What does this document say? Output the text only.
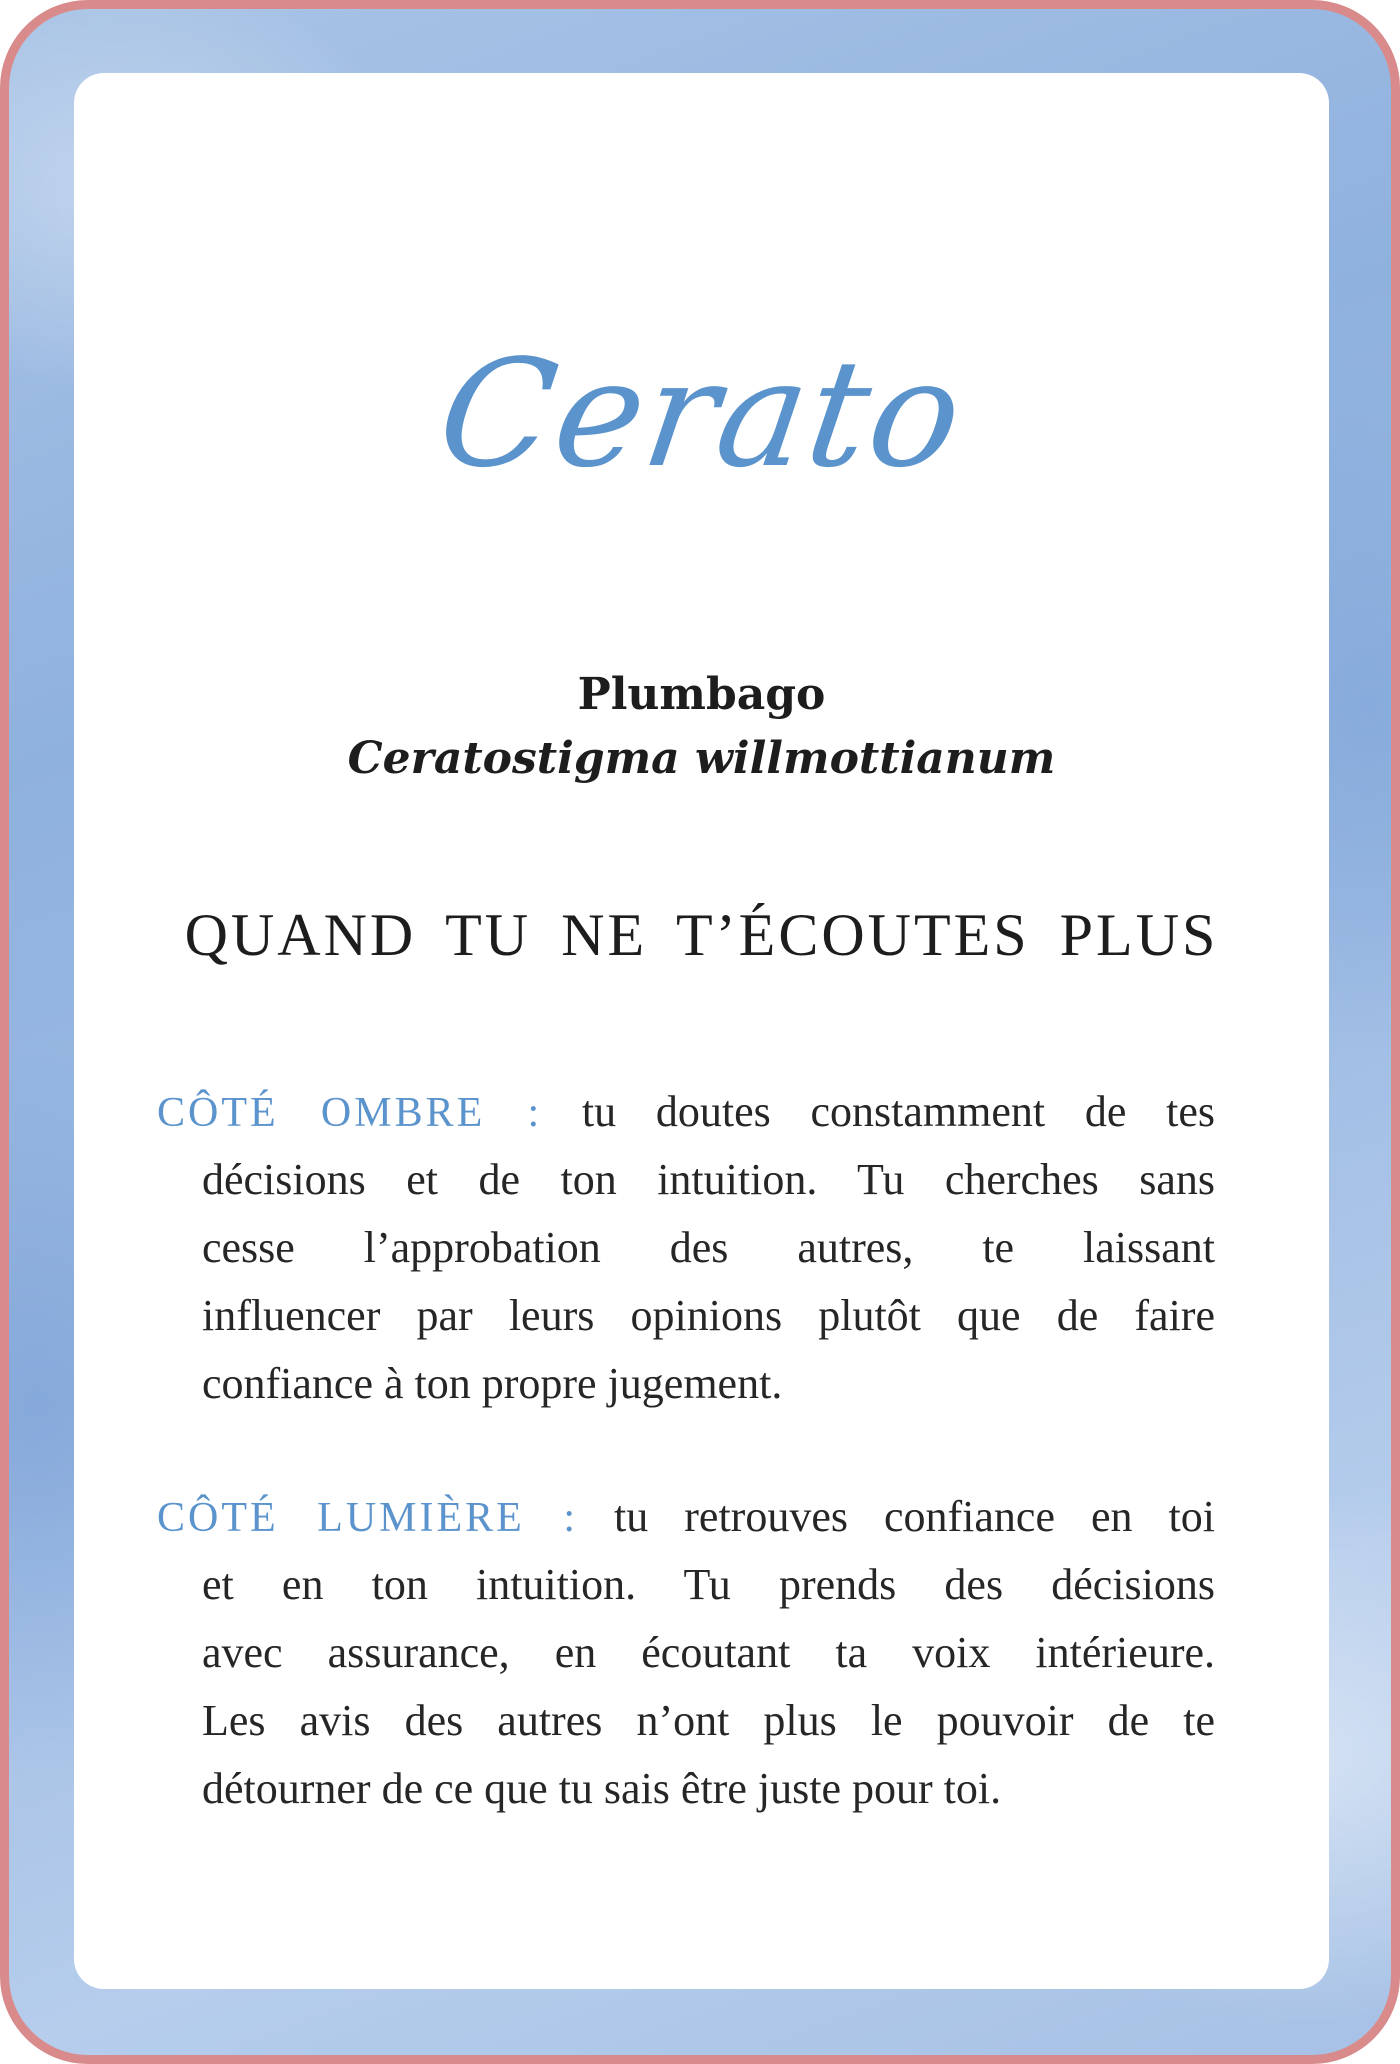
Cerato
Plumbago
Ceratostigma willmottianum
QUAND TU NE T’ÉCOUTES PLUS
CÔTÉ OMBRE : tu doutes constamment de tes
décisions et de ton intuition. Tu cherches sans
cesse l’approbation des autres, te laissant
influencer par leurs opinions plutôt que de faire
confiance à ton propre jugement.
CÔTÉ LUMIÈRE : tu retrouves confiance en toi
et en ton intuition. Tu prends des décisions
avec assurance, en écoutant ta voix intérieure.
Les avis des autres n’ont plus le pouvoir de te
détourner de ce que tu sais être juste pour toi.
